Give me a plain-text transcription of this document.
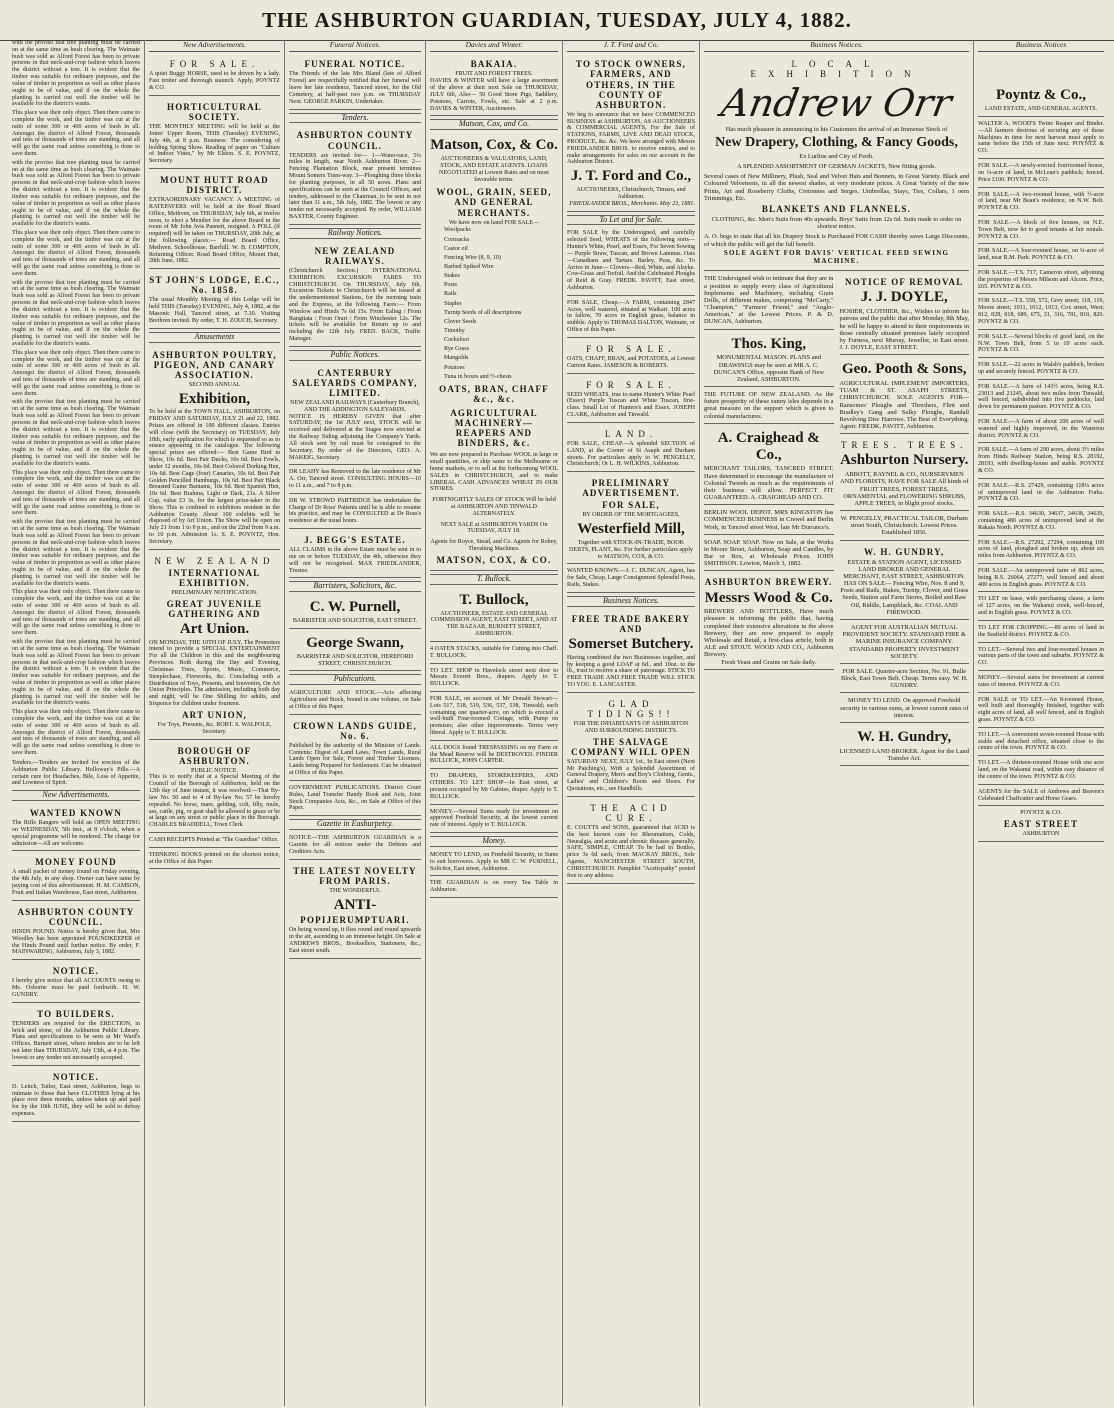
THE ASHBURTON GUARDIAN, TUESDAY, JULY 4, 1882.
with the proviso that tree planting must be carried on at the same time as bush clearing. The Waimate bush was sold as Alford Forest has been to private persons in that neck-and-crop fashion which leaves the district without a tree. It is evident that the timber was suitable for ordinary purposes, and the value of timber in proportion as well as other places ought to be of value, and if on the whole the planting is carried out well the timber will be available for the district's wants.
This place was their only object. Then there came to complete the work, and the timber was cut at the ratio of some 300 or 400 acres of bush in all. Amongst the district of Alford Forest, thousands and tens of thousands of trees are standing, and all will go the same road unless something is done to save them.
with the proviso that tree planting must be carried on at the same time as bush clearing. The Waimate bush was sold as Alford Forest has been to private persons in that neck-and-crop fashion which leaves the district without a tree. It is evident that the timber was suitable for ordinary purposes, and the value of timber in proportion as well as other places ought to be of value, and if on the whole the planting is carried out well the timber will be available for the district's wants.
This place was their only object. Then there came to complete the work, and the timber was cut at the ratio of some 300 or 400 acres of bush in all. Amongst the district of Alford Forest, thousands and tens of thousands of trees are standing, and all will go the same road unless something is done to save them.
with the proviso that tree planting must be carried on at the same time as bush clearing. The Waimate bush was sold as Alford Forest has been to private persons in that neck-and-crop fashion which leaves the district without a tree. It is evident that the timber was suitable for ordinary purposes, and the value of timber in proportion as well as other places ought to be of value, and if on the whole the planting is carried out well the timber will be available for the district's wants.
This place was their only object. Then there came to complete the work, and the timber was cut at the ratio of some 300 or 400 acres of bush in all. Amongst the district of Alford Forest, thousands and tens of thousands of trees are standing, and all will go the same road unless something is done to save them.
with the proviso that tree planting must be carried on at the same time as bush clearing. The Waimate bush was sold as Alford Forest has been to private persons in that neck-and-crop fashion which leaves the district without a tree. It is evident that the timber was suitable for ordinary purposes, and the value of timber in proportion as well as other places ought to be of value, and if on the whole the planting is carried out well the timber will be available for the district's wants.
This place was their only object. Then there came to complete the work, and the timber was cut at the ratio of some 300 or 400 acres of bush in all. Amongst the district of Alford Forest, thousands and tens of thousands of trees are standing, and all will go the same road unless something is done to save them.
with the proviso that tree planting must be carried on at the same time as bush clearing. The Waimate bush was sold as Alford Forest has been to private persons in that neck-and-crop fashion which leaves the district without a tree. It is evident that the timber was suitable for ordinary purposes, and the value of timber in proportion as well as other places ought to be of value, and if on the whole the planting is carried out well the timber will be available for the district's wants.
This place was their only object. Then there came to complete the work, and the timber was cut at the ratio of some 300 or 400 acres of bush in all. Amongst the district of Alford Forest, thousands and tens of thousands of trees are standing, and all will go the same road unless something is done to save them.
with the proviso that tree planting must be carried on at the same time as bush clearing. The Waimate bush was sold as Alford Forest has been to private persons in that neck-and-crop fashion which leaves the district without a tree. It is evident that the timber was suitable for ordinary purposes, and the value of timber in proportion as well as other places ought to be of value, and if on the whole the planting is carried out well the timber will be available for the district's wants.
This place was their only object. Then there came to complete the work, and the timber was cut at the ratio of some 300 or 400 acres of bush in all. Amongst the district of Alford Forest, thousands and tens of thousands of trees are standing, and all will go the same road unless something is done to save them.
Tenders.—Tenders are invited for erection of the Ashburton Public Library. Holloway's Pills.—A certain cure for Headaches, Bile, Loss of Appetite, and Lowness of Spirit.
New Advertisements.
WANTED KNOWN
The Rifle Rangers will hold an OPEN MEETING on WEDNESDAY, 5th inst., at 8 o'clock, when a special programme will be rendered. The charge for admission—All are welcome.
MONEY FOUND
A small packet of money found on Friday evening, the 4th July, in any shop. Owner can have same by paying cost of this advertisement. H. M. CAMSON, Fruit and Italian Warehouse, East street, Ashburton.
ASHBURTON COUNTY COUNCIL.
HINDS POUND. Notice is hereby given that, Mrs Woodley has been appointed POUNDKEEPER of the Hinds Pound until further notice. By order, F. MAINWARING, Ashburton, July 3, 1882.
NOTICE.
I hereby give notice that all ACCOUNTS owing to Ms. Osborne must be paid forthwith. H. W. GUNDRY.
TO BUILDERS.
TENDERS are required for the ERECTION, in brick and stone, of the Ashburton Public Library. Plans and specifications to be seen at Mr Ward's Offices, Burnett street, where tenders are to be left not later than THURSDAY, July 13th, at 4 p.m. The lowest or any tender not necessarily accepted.
NOTICE.
D. Leitch, Tailor, East street, Ashburton, begs to intimate to those that have CLOTHES lying at his place over three months, unless taken up and paid for by the 10th JUNE, they will be sold to defray expenses.
New Advertisements.
FOR SALE.
A quiet Buggy HORSE, used to be driven by a lady. Fast trotter and thorough staunch. Apply, POYNTZ & CO.
HORTICULTURAL SOCIETY.
THE MONTHLY MEETING will be held at the Jones' Upper Room, THIS (Tuesday) EVENING, July 4th, at 8 p.m. Business: The considering of holding Spring Show. Reading of paper on "Culture of Indoor Vines," by Mr Elston. S. E. POYNTZ, Secretary.
MOUNT HUTT ROAD DISTRICT.
EXTRAORDINARY VACANCY. A MEETING of RATEPAYERS will be held at the Road Board Office, Methven, on THURSDAY, July 6th, at twelve noon, to elect a Member for the above Board in the room of Mr John Avis Pannett, resigned. A POLL (if required) will be taken on THURSDAY, 20th July, at the following places:— Road Board Office, Methven. Schoolhouse, Barrhill. W. B. COMPTON, Returning Officer. Road Board Office, Mount Hutt, 28th June, 1882.
ST JOHN'S LODGE, E.C., No. 1858.
The usual Monthly Meeting of this Lodge will be held THIS (Tuesday) EVENING, July 4, 1882, at the Masonic Hall, Tancred street, at 7.30. Visiting Brethren invited. By order, T. H. ZOUCH, Secretary.
Amusements
ASHBURTON POULTRY, PIGEON, AND CANARY ASSOCIATION.
SECOND ANNUAL
Exhibition,
To be held at the TOWN HALL, ASHBURTON, on FRIDAY AND SATURDAY, JULY 21 and 22, 1882. Prizes are offered in 100 different classes. Entries will close (with the Secretary) on TUESDAY, July 18th, early application for which is requested so as to ensure appearing in the catalogue. The following special prizes are offered:— Best Game Bird in Show, 10s 6d. Best Pair Ducks, 10s 6d. Best Fowls, under 12 months, 10s 6d. Best Colored Dorking Hen, 10s 6d. Best Cage (four) Canaries, 10s 6d. Best Pair Golden Pencilled Hamburgs, 10s 6d. Best Pair Black Breasted Game Bantams, 10s 6d. Best Spanish Hen, 10s 6d. Best Brahma, Light or Dark, 21s. A Silver Cup, value £3 3s, for the largest prize-taker in the Show. This is confined to exhibitors resident in the Ashburton County. About 100 exhibits will be disposed of by Art Union. The Show will be open on July 21 from 1 to 9 p.m., and on the 22nd from 9 a.m. to 10 p.m. Admission 1s. S. E. POYNTZ, Hon. Secretary.
NEW ZEALAND
INTERNATIONAL EXHIBITION.
PRELIMINARY NOTIFICATION.
GREAT JUVENILE GATHERING AND
Art Union.
ON MONDAY, THE 10TH OF JULY, The Promoters intend to provide a SPECIAL ENTERTAINMENT For all the Children in this and the neighbouring Provinces. Both during the Day and Evening, Christmas Trees, Sports, Music, Commerce, Steeplechase, Fireworks, &c. Concluding with a Distribution of Toys, Presents, and Souvenirs, On Art Union Principles. The admission, including both day and night, will be One Shilling for adults, and Sixpence for children under fourteen.
ART UNION,
For Toys, Presents, &c. ROBT. S. WALPOLE, Secretary.
BOROUGH OF ASHBURTON.
PUBLIC NOTICE.
This is to notify that at a Special Meeting of the Council of the Borough of Ashburton, held on the 12th day of June instant, it was resolved:—That By-law No. 50 and to 4 of By-law No. 57 be hereby repealed. No horse, mare, gelding, colt, filly, mule, ass, cattle, pig, or goat shall be allowed to graze or be at large on any street or public place in the Borough. CHARLES BRADDELL, Town Clerk.
CASH RECEIPTS Printed at "The Guardian" Office.
THINKING BOOKS printed on the shortest notice, at the Office of this Paper.
Funeral Notices.
FUNERAL NOTICE.
The Friends of the late Mrs Bland (late of Alford Forest) are respectfully notified that her funeral will leave her late residence, Tancred street, for the Old Cemetery, at half-past two p.m. on THURSDAY Next. GEORGE PARKIN, Undertaker.
Tenders.
ASHBURTON COUNTY COUNCIL.
TENDERS are invited for— 1—Water-race, 5¼ miles in length, near North Ashburton River. 2—Fencing Plantation Block, near present terminus Mount Somers Tram-way. 3—Ploughing three blocks for planting purposes, in all 50 acres. Plans and specifications can be seen at the Council Offices, and tenders, addressed to the Chairman, to be sent in not later than 11 a.m., 5th July, 1882. The lowest or any tender not necessarily accepted. By order, WILLIAM BAXTER, County Engineer.
Railway Notices.
NEW ZEALAND RAILWAYS.
(Christchurch Section.) INTERNATIONAL EXHIBITION. EXCURSION FARES TO CHRISTCHURCH. On THURSDAY, July 6th, Excursion Tickets to Christchurch will be issued at the undermentioned Stations, for the morning train and the Express, at the following Fares:— From Winslow and Hinds 7s 6d 15s. From Ealing / From Rangitata / From Orari / From Winchester 12s. The tickets will be available for Return up to and including the 12th July. FRED. BACK, Traffic Manager.
Public Notices.
CANTERBURY SALEYARDS COMPANY, LIMITED.
NEW ZEALAND RAILWAYS (Canterbury Branch), AND THE ADDINGTON SALEYARDS.
NOTICE IS HEREBY GIVEN that after SATURDAY, the 1st JULY next, STOCK will be received and delivered at the Stages now erected at the Railway Siding adjoining the Company's Yards. All stock sent by rail must be consigned to the Secretary. By order of the Directors, GEO. A. MAKEIG, Secretary.
DR LEAHY has Removed to the late residence of Mr A. Orr, Tancred street. CONSULTING HOURS—10 to 11 a.m., and 7 to 8 p.m.
DR W. STROWD PARTRIDGE has undertaken the Charge of Dr Ross' Patients until he is able to resume his practice, and may be CONSULTED at Dr Ross's residence at the usual hours.
J. BEGG'S ESTATE.
ALL CLAIMS in the above Estate must be sent in to me on or before TUESDAY, the 4th, otherwise they will not be recognised. MAX FRIEDLANDER, Trustee.
Barristers, Solicitors, &c.
C. W. Purnell,
BARRISTER AND SOLICITOR, EAST STREET.
George Swann,
BARRISTER AND SOLICITOR, HEREFORD STREET, CHRISTCHURCH.
Publications.
AGRICULTURE AND STOCK.—Acts affecting Agriculture and Stock, bound in one volume, on Sale at Office of this Paper.
CROWN LANDS GUIDE, No. 6.
Published by the authority of the Minister of Lands. Contents: Digest of Land Laws, Town Lands, Rural Lands Open for Sale, Forest and Timber Licenses, Lands being Prepared for Settlement. Can be obtained at Office of this Paper.
GOVERNMENT PUBLICATIONS. District Court Rules, Land Transfer Handy Book and Acts, Joint Stock Companies Acts, &c., on Sale at Office of this Paper.
Gazette in Eashurpetcy.
NOTICE—THE ASHBURTON GUARDIAN is a Gazette for all notices under the Debtors and Creditors Acts.
THE LATEST NOVELTY FROM PARIS.
THE WONDERFUL
ANTI-
POPIJERUMPTUARI.
On being wound up, it flies round and round upwards in the air, ascending to an immense height. On Sale at ANDREWS BROS., Booksellers, Stationers, &c., East street south.
Davies and Winter.
BAKAIA.
FRUIT AND FOREST TREES.
DAVIES & WINTER will have a large assortment of the above at their next Sale on THURSDAY, JULY 6th, Also— 50 Good Store Pigs, Saddlery, Potatoes, Carrots, Fowls, etc. Sale at 2 p.m. DAVIES & WINTER, Auctioneers.
Matson, Cox, and Co.
Matson, Cox, & Co.
AUCTIONEERS & VALUATORS, LAND, STOCK, AND ESTATE AGENTS. LOANS NEGOTIATED at Lowest Rates and on most favorable terms.
WOOL, GRAIN, SEED, AND GENERAL MERCHANTS.
We have now on hand FOR SALE—
Woolpacks
Cornsacks
Castor oil
Fencing Wire (8, 9, 10)
Barbed Spiked Wire
Stakes
Posts
Rails
Staples
Turnip Seeds of all descriptions
Clover Seeds
Timothy
Cocksfoot
Rye Grass
Mangolds
Potatoes
Tuna in boxes and ½-chests
OATS, BRAN, CHAFF &c., &c.
AGRICULTURAL MACHINERY—REAPERS AND BINDERS, &c.
We are now prepared to Purchase WOOL in large or small quantities, or ship same to the Melbourne or home markets, or to sell at the forthcoming WOOL SALES in CHRISTCHURCH, and to make LIBERAL CASH ADVANCES WHEAT IN OUR STORES.
FORTNIGHTLY SALES OF STOCK Will be held at ASHBURTON AND TINWALD ALTERNATELY.
NEXT SALE at ASHBURTON YARDS On TUESDAY, JULY 18.
Agents for Royce, Stead, and Co. Agents for Robey, Threshing Machines.
MATSON, COX, & CO.
T. Bullock.
T. Bullock,
AUCTIONEER, ESTATE AND GENERAL COMMISSION AGENT, EAST STREET, AND AT THE BAZAAR, BURNETT STREET, ASHBURTON.
4 OATEN STACKS, suitable for Cutting into Chaff. T. BULLOCK.
TO LET. SHOP in Havelock street next door to Messrs Everett Bros., drapers. Apply to T. BULLOCK.
FOR SALE, on account of Mr Donald Stewart—Lots 517, 518, 519, 536, 537, 538, Tinwald; each containing one quarter-acre, on which is erected a well-built Four-roomed Cottage, with Pump on premises; also other improvements. Terms very liberal. Apply to T. BULLOCK.
ALL DOGS found TRESPASSING on my Farm or the Mead Reserve will be DESTROYED. FINDER BULLOCK, JOHN CARTER.
TO DRAPERS, STOREKEEPERS, AND OTHERS. TO LET SHOP—In East street, at present occupied by Mr Gabites, draper. Apply to T. BULLOCK.
MONEY.—Several Sums ready for investment on approved Freehold Security, at the lowest current rate of interest. Apply to T. BULLOCK.
Money.
MONEY TO LEND, on Freehold Security, in Sums to suit borrowers. Apply to MR C. W. PURNELL, Solicitor, East street, Ashburton.
THE GUARDIAN is on every Tea Table in Ashburton.
J. T. Ford and Co.
TO STOCK OWNERS, FARMERS, AND OTHERS, IN THE COUNTY OF ASHBURTON.
We beg to announce that we have COMMENCED BUSINESS at ASHBURTON, AS AUCTIONEERS & COMMERCIAL AGENTS, For the Sale of STATIONS, FARMS, LIVE AND DEAD STOCK, PRODUCE, &c. &c. We have arranged with Messrs FRIEDLANDER BROS. to receive entries, and to make arrangements for sales on our account in the Ashburton District.
J. T. Ford and Co.,
AUCTIONEERS, Christchurch, Timaru, and Ashburton.
FRIEDLANDER BROS., Merchants. May 23, 1881.
To Let and for Sale.
FOR SALE by the Undersigned, and carefully selected Seed, WHEATS of the following sorts—Hunter's White, Pearl, and Essex, For Seven Sowing— Purple Straw, Tuscan, and Brown Lammas. Oats—Canadians and Tartars. Barley, Peas, &c. To Arrive in June— Clovers—Red, White, and Alsyke. Cow-Grass and Trefoil. And the Celebrated Ploughs of Reid & Gray. FREDK. PAVITT, East street, Ashburton.
FOR SALE, Cheap.—A FARM, containing 2847 Acres, well watered, situated at Waikari. 100 acres in fallow, 70 acres in English grass, balance in stubble. Apply to THOMAS DALTON, Waimate, or Office of this Paper.
FOR SALE.
OATS, CHAFF, BRAN, and POTATOES, at Lowest Current Rates. JAMESON & ROBERTS.
FOR SALE.
SEED WHEATS, true to name Hunter's White Pearl (Essex) Purple Tuscan and White Tuscan, first-class. Small Lot of Hunters's and Essex. JOSEPH CLARK, Ashburton and Tinwald.
LAND.
FOR SALE, CHEAP.—A splendid SECTION of LAND, at the Corner of St Asaph and Durham streets. For particulars apply to W. PENGELLY, Christchurch; Or L. H. WILKINS, Ashburton.
PRELIMINARY ADVERTISEMENT.
FOR SALE,
BY ORDER OF THE MORTGAGEES,
Westerfield Mill,
Together with STOCK-IN-TRADE, BOOK DEBTS, PLANT, &c. For further particulars apply to MATSON, COX, & CO.
WANTED KNOWN.—J. C. DUNCAN, Agent, has for Sale, Cheap, Large Consignment Splendid Posts, Rails, Stakes.
Business Notices.
FREE TRADE BAKERY AND
Somerset Butchery.
Having combined the two Businesses together, and by keeping a good LOAF at 6d., and 10oz. to the lb., trust to receive a share of patronage. STICK TO FREE TRADE AND FREE TRADE WILL STICK TO YOU. E. LANCASTER.
GLAD TIDINGS!!
FOR THE INHABITANTS OF ASHBURTON AND SURROUNDING DISTRICTS.
THE SALVAGE COMPANY WILL OPEN
SATURDAY NEXT, JULY 1st., In East street (Next Mr Patching's), With a Splendid Assortment of General Drapery, Men's and Boy's Clothing, Gents., Ladies' and Children's Boots and Shoes. For Quotations, etc., see Handbills.
THE ACID CURE.
E. COUTTS and SONS, guaranteed that ACID is the best known cure for Rheumatism, Colds, Neuralgia, and acute and chronic diseases generally. SAFE, SIMPLE, CHEAP. To be had in Bottles, price 3s 6d each, from MACKAY BROS., Sole Agents, MANCHESTER STREET SOUTH, CHRISTCHURCH. Pamphlet "Aceticpathy" posted free to any address.
Business Notices.
LOCAL EXHIBITION
Andrew Orr
Has much pleasure in announcing to his Customers the arrival of an Immense Stock of
New Drapery, Clothing, & Fancy Goods,
Ex Lurline and City of Perth.
A SPLENDID ASSORTMENT OF GERMAN JACKETS, New fitting goods.
Several cases of New Millinery, Plush, Seal and Velvet Hats and Bonnets, in Great Variety. Black and Coloured Velveteens, in all the newest shades, at very moderate prices. A Great Variety of the new Prints, Art and Roseberry Cloths, Cretonnes and Serges. Umbrellas, Stays, Ties, Collars, 1 oem Trimmings, Etc.
BLANKETS AND FLANNELS.
CLOTHING, &c. Men's Suits from 40s upwards. Boys' Suits from 12s 6d. Suits made to order on shortest notice.
A. O. begs to state that all his Drapery Stock is Purchased FOR CASH thereby saves Large Discounts, of which the public will get the full benefit.
SOLE AGENT FOR DAVIS' VERTICAL FEED SEWING MACHINE.
THE Undersigned wish to intimate that they are in a position to supply every class of Agricultural Implements and Machinery, including Grain Drills, of different makes, comprising "McCarty," "Champion," "Farmers' Friend," and "Anglo-American," at the Lowest Prices. P. & D. DUNCAN, Ashburton.
Thos. King,
MONUMENTAL MASON. PLANS and DRAWINGS may be seen at MR A. C. DUNCAN'S Office, opposite Bank of New Zealand, ASHBURTON.
THE FUTURE OF NEW ZEALAND. As the future prosperity of these sunny isles depends in a great measure on the support which is given to colonial manufactures.
A. Craighead & Co.,
MERCHANT TAILORS, TANCRED STREET. Have determined to encourage the manufacture of Colonial Tweeds as much as the requirements of their business will allow. PERFECT FIT GUARANTEED. A. CRAIGHEAD AND CO.
BERLIN WOOL DEPOT. MRS KINGSTON has COMMENCED BUSINESS in Crewel and Berlin Work, in Tancred street West, late Mr Durrance's.
SOAP. SOAP. SOAP. Now on Sale, at the Works in Moore Street, Ashburton, Soap and Candles, by Bar or Box, at Wholesale Prices. JOHN SMITHSON. Lowton, March 3, 1882.
ASHBURTON BREWERY.
Messrs Wood & Co.
BREWERS AND BOTTLERS, Have much pleasure in informing the public that, having completed their extensive alterations in the above Brewery, they are now prepared to supply Wholesale and Retail, a first-class article, both in ALE and STOUT. WOOD AND CO., Ashburton Brewery.
Fresh Yeast and Grains on Sale daily.
NOTICE OF REMOVAL
J. J. DOYLE,
HOSIER, CLOTHIER, &c., Wishes to inform his patrons and the public that after Monday, 8th May, he will be happy to attend to their requirements in those centrally situated premises lately occupied by Furness, next Murray, Jeweller, in East street. J. J. DOYLE, EAST STREET.
Geo. Pooth & Sons,
AGRICULTURAL IMPLEMENT IMPORTERS, TUAM & ST. ASAPH STREETS, CHRISTCHURCH. SOLE AGENTS FOR— Ransomes' Ploughs and Threshers, Flint and Bradley's Gang and Sulky Ploughs, Randall Revolving Disc Harrows. The Best of Everything. Agent: FREDK. PAVITT, Ashburton.
TREES. TREES.
Ashburton Nursery.
ABBOTT, RAYNEL & CO., NURSERYMEN AND FLORISTS, HAVE FOR SALE All kinds of FRUIT TREES, FOREST TREES, ORNAMENTAL and FLOWERING SHRUBS, APPLE TREES, in blight proof stocks.
W. PENGELLY, PRACTICAL TAILOR, Durham street South, Christchurch. Lowest Prices. Established 1856.
W. H. GUNDRY,
ESTATE & STATION AGENT, LICENSED LAND BROKER AND GENERAL MERCHANT, EAST STREET, ASHBURTON. HAS ON SALE— Fencing Wire, Nos. 8 and 9, Posts and Rails, Stakes, Turnip, Clover, and Grass Seeds, Station and Farm Stores, Boiled and Raw Oil, Riddle, Lampblack, &c. COAL AND FIREWOOD.
AGENT FOR AUSTRALIAN MUTUAL PROVIDENT SOCIETY. STANDARD FIRE & MARINE INSURANCE COMPANY. STANDARD PROPERTY INVESTMENT SOCIETY.
FOR SALE. Quarter-acre Section, No. 91, Bulle Block, East Town Belt. Cheap. Terms easy. W. H. GUNDRY.
MONEY TO LEND. On approved Freehold security in various sums, at lowest current rates of interest.
W. H. Gundry,
LICENSED LAND BROKER. Agent for the Land Transfer Act.
Business Notices
Poyntz & Co.,
LAND ESTATE, AND GENERAL AGENTS.
WALTER A. WOOD'S Twine Reaper and Binder.—All farmers desirous of securing any of these Machines in time for next harvest must apply to same before the 15th of June next. POYNTZ & CO.
FOR SALE.—A newly-erected fourroomed house, on ¼-acre of land, in McLean's paddock; fenced. Price £100. POYNTZ & CO.
FOR SALE.—A two-roomed house, with ½-acre of land, near Mr Bean's residence, on N.W. Belt. POYNTZ & CO.
FOR SALE.—A block of five houses, on N.E. Town Belt, now let to good tenants at fair rentals. POYNTZ & CO.
FOR SALE.—A four-roomed house, on ¼-acre of land, near R.M. Park. POYNTZ & CO.
FOR SALE.—T.S. 717, Cameron street, adjoining the properties of Messrs Milsom and Alcorn. Price, £65. POYNTZ & CO.
FOR SALE.—T.S. 558, 572, Grey street; 118, 119, Moore street; 1011, 1012, 1013, Cox street, West; 812, 828, 818, 689, 675, 31, 316, 781, 810, 820. POYNTZ & CO.
FOR SALE.—Several blocks of good land, on the N.W. Town Belt, from 5 to 10 acres each. POYNTZ & CO.
FOR SALE.—22 acres in Walsh's paddock, broken up and securely fenced. POYNTZ & CO.
FOR SALE.—A farm of 143½ acres, being R.S. 23013 and 21245, about two miles from Tinwald; well fenced, subdivided into five paddocks, laid down for permanent pasture. POYNTZ & CO.
FOR SALE.—A farm of about 200 acres of well watered and highly improved, in the Waterton district. POYNTZ & CO.
FOR SALE.—A farm of 290 acres, about 3½ miles from Hinds Railway Station, being R.S. 28192, 28193, with dwelling-house and stable. POYNTZ & CO.
FOR SALE.—R.S. 27429, containing 118¼ acres of unimproved land in the Ashburton Forks. POYNTZ & CO.
FOR SALE.—R.S. 34630, 34637, 34638, 34639, containing 480 acres of unimproved land at the Rakaia North. POYNTZ & CO.
FOR SALE.—R.S. 27292, 27294, containing 100 acres of land, ploughed and broken up, about six miles from Ashburton. POYNTZ & CO.
FOR SALE.—An unimproved farm of 862 acres, being R.S. 26064, 27277; well fenced and about 400 acres in English grass. POYNTZ & CO.
TO LET on lease, with purchasing clause, a farm of 127 acres, on the Wakanui creek, well-fenced, and in English grass. POYNTZ & CO.
TO LET FOR CROPPING.—80 acres of land in the Seafield district. POYNTZ & CO.
TO LET.—Several two and four-roomed houses in various parts of the town and suburbs. POYNTZ & CO.
MONEY.—Several sums for investment at current rates of interest. POYNTZ & CO.
FOR SALE or TO LET.—An 8-roomed House, well built and thoroughly finished, together with eight acres of land, all well fenced, and in English grass. POYNTZ & CO.
TO LET.—A convenient seven-roomed House with stable and detached office, situated close to the centre of the town. POYNTZ & CO.
TO LET.—A thirteen-roomed House with one acre land, on the Wakanui road, within easy distance of the centre of the town. POYNTZ & CO.
AGENTS for the SALE of Andrews and Beaven's Celebrated Chaffcutter and Horse Gears.
POYNTZ & CO.
EAST STREET
ASHBURTON
